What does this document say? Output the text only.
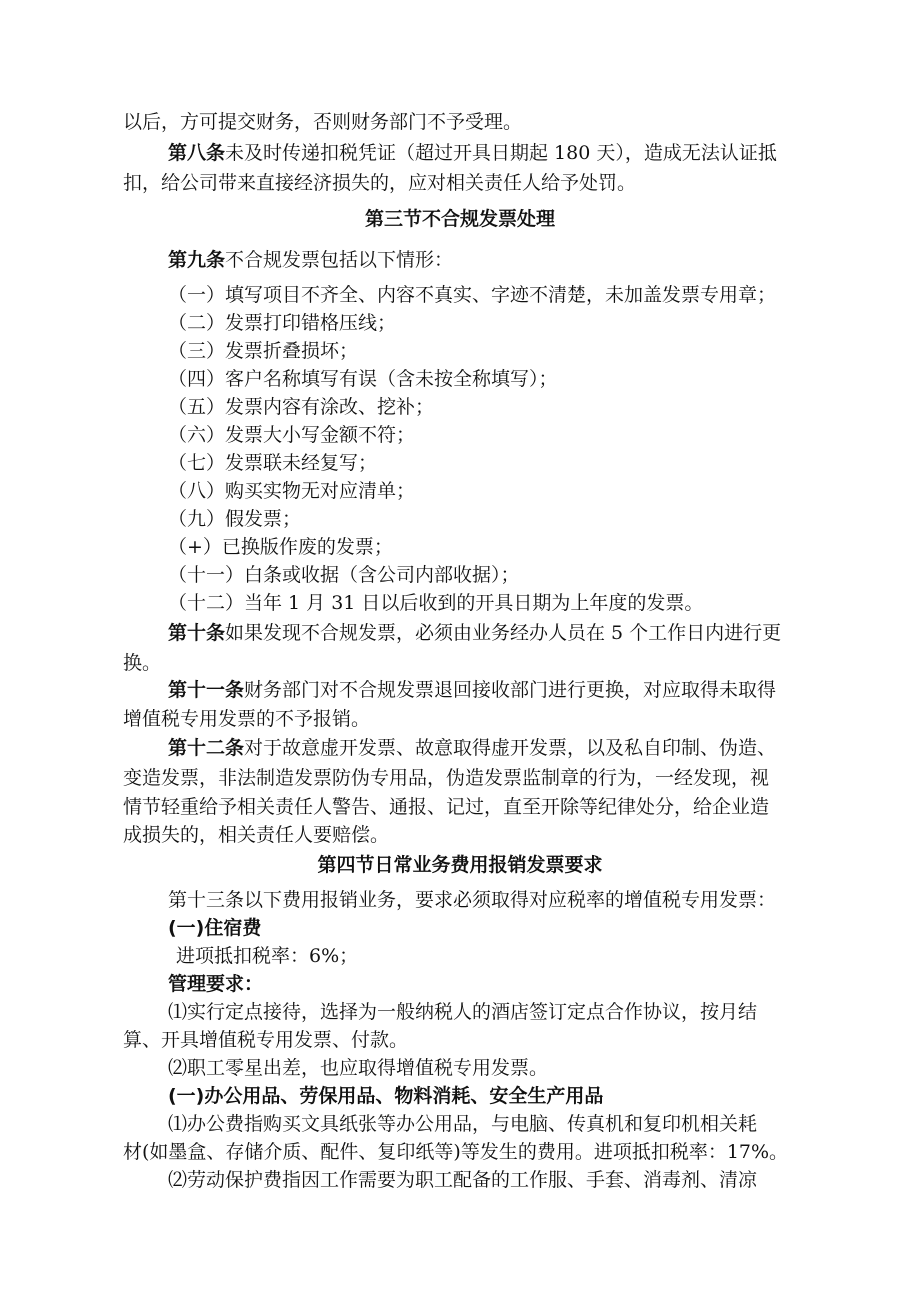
以后，方可提交财务，否则财务部门不予受理。
第八条未及时传递扣税凭证（超过开具日期起 180 天），造成无法认证抵
扣，给公司带来直接经济损失的，应对相关责任人给予处罚。
第三节不合规发票处理
第九条不合规发票包括以下情形：
（一）填写项目不齐全、内容不真实、字迹不清楚，未加盖发票专用章；
（二）发票打印错格压线；
（三）发票折叠损坏；
（四）客户名称填写有误（含未按全称填写）；
（五）发票内容有涂改、挖补；
（六）发票大小写金额不符；
（七）发票联未经复写；
（八）购买实物无对应清单；
（九）假发票；
（+）已换版作废的发票；
（十一）白条或收据（含公司内部收据）；
（十二）当年 1 月 31 日以后收到的开具日期为上年度的发票。
第十条如果发现不合规发票，必须由业务经办人员在 5 个工作日内进行更
换。
第十一条财务部门对不合规发票退回接收部门进行更换，对应取得未取得
增值税专用发票的不予报销。
第十二条对于故意虚开发票、故意取得虚开发票，以及私自印制、伪造、
变造发票，非法制造发票防伪专用品，伪造发票监制章的行为，一经发现，视
情节轻重给予相关责任人警告、通报、记过，直至开除等纪律处分，给企业造
成损失的，相关责任人要赔偿。
第四节日常业务费用报销发票要求
第十三条以下费用报销业务，要求必须取得对应税率的增值税专用发票：
(一)住宿费
进项抵扣税率：6%；
管理要求：
⑴实行定点接待，选择为一般纳税人的酒店签订定点合作协议，按月结
算、开具增值税专用发票、付款。
⑵职工零星出差，也应取得增值税专用发票。
(一)办公用品、劳保用品、物料消耗、安全生产用品
⑴办公费指购买文具纸张等办公用品，与电脑、传真机和复印机相关耗
材(如墨盒、存储介质、配件、复印纸等)等发生的费用。进项抵扣税率：17%。
⑵劳动保护费指因工作需要为职工配备的工作服、手套、消毒剂、清凉
